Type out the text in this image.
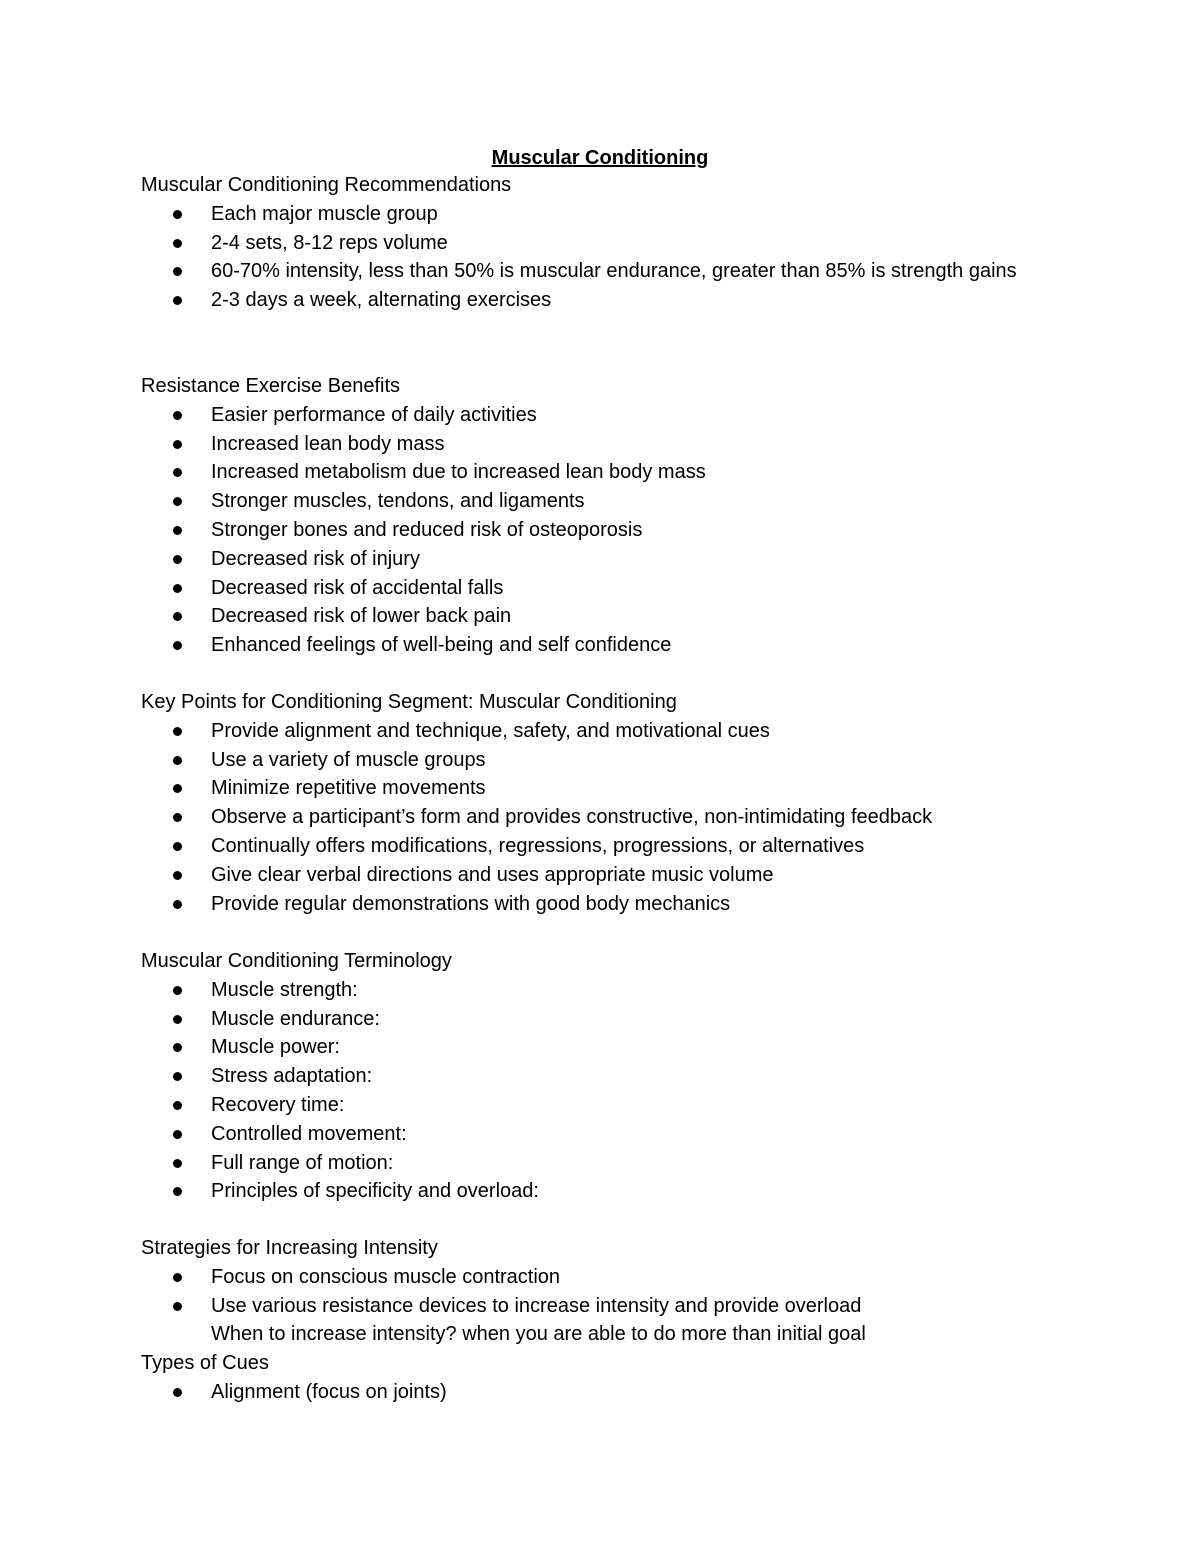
Muscular Conditioning
Muscular Conditioning Recommendations
Each major muscle group
2-4 sets, 8-12 reps volume
60-70% intensity, less than 50% is muscular endurance, greater than 85% is strength gains
2-3 days a week, alternating exercises
Resistance Exercise Benefits
Easier performance of daily activities
Increased lean body mass
Increased metabolism due to increased lean body mass
Stronger muscles, tendons, and ligaments
Stronger bones and reduced risk of osteoporosis
Decreased risk of injury
Decreased risk of accidental falls
Decreased risk of lower back pain
Enhanced feelings of well-being and self confidence
Key Points for Conditioning Segment: Muscular Conditioning
Provide alignment and technique, safety, and motivational cues
Use a variety of muscle groups
Minimize repetitive movements
Observe a participant’s form and provides constructive, non-intimidating feedback
Continually offers modifications, regressions, progressions, or alternatives
Give clear verbal directions and uses appropriate music volume
Provide regular demonstrations with good body mechanics
Muscular Conditioning Terminology
Muscle strength:
Muscle endurance:
Muscle power:
Stress adaptation:
Recovery time:
Controlled movement:
Full range of motion:
Principles of specificity and overload:
Strategies for Increasing Intensity
Focus on conscious muscle contraction
Use various resistance devices to increase intensity and provide overload
When to increase intensity? when you are able to do more than initial goal
Types of Cues
Alignment (focus on joints)
